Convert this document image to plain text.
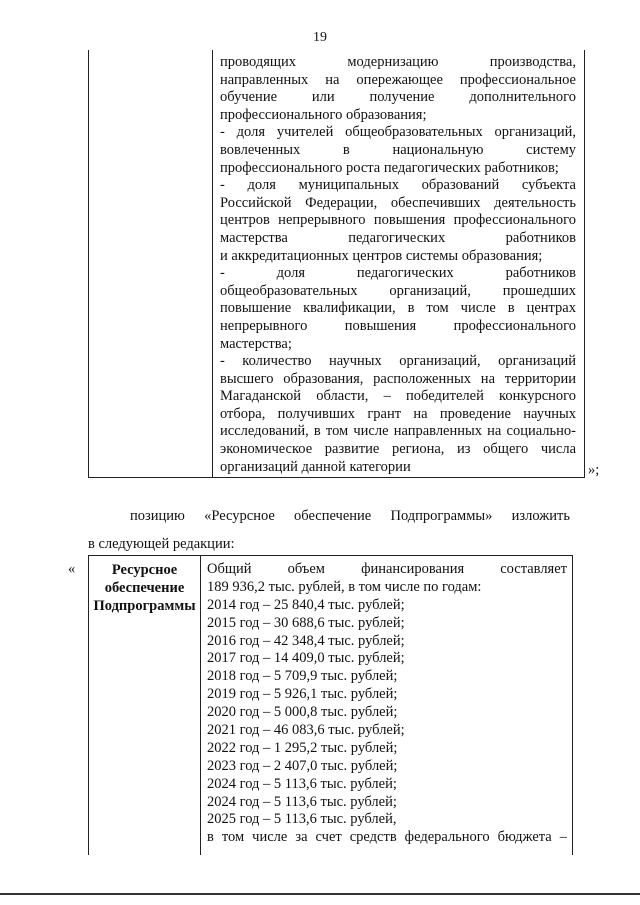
19
проводящих модернизацию производства,
направленных на опережающее профессиональное
обучение или получение дополнительного
профессионального образования;
- доля учителей общеобразовательных организаций,
вовлеченных в национальную систему
профессионального роста педагогических работников;
- доля муниципальных образований субъекта
Российской Федерации, обеспечивших деятельность
центров непрерывного повышения профессионального
мастерства педагогических работников
и аккредитационных центров системы образования;
- доля педагогических работников
общеобразовательных организаций, прошедших
повышение квалификации, в том числе в центрах
непрерывного повышения профессионального
мастерства;
- количество научных организаций, организаций
высшего образования, расположенных на территории
Магаданской области, – победителей конкурсного
отбора, получивших грант на проведение научных
исследований, в том числе направленных на социально-
экономическое развитие региона, из общего числа
организаций данной категории	»;
позицию «Ресурсное обеспечение Подпрограммы» изложить
в следующей редакции:
«	Ресурсное
обеспечение
Подпрограммы
Общий объем финансирования составляет
189 936,2 тыс. рублей, в том числе по годам:
2014 год – 25 840,4 тыс. рублей;
2015 год – 30 688,6 тыс. рублей;
2016 год – 42 348,4 тыс. рублей;
2017 год – 14 409,0 тыс. рублей;
2018 год – 5 709,9 тыс. рублей;
2019 год – 5 926,1 тыс. рублей;
2020 год – 5 000,8 тыс. рублей;
2021 год – 46 083,6 тыс. рублей;
2022 год – 1 295,2 тыс. рублей;
2023 год – 2 407,0 тыс. рублей;
2024 год – 5 113,6 тыс. рублей;
2024 год – 5 113,6 тыс. рублей;
2025 год – 5 113,6 тыс. рублей,
в том числе за счет средств федерального бюджета –
